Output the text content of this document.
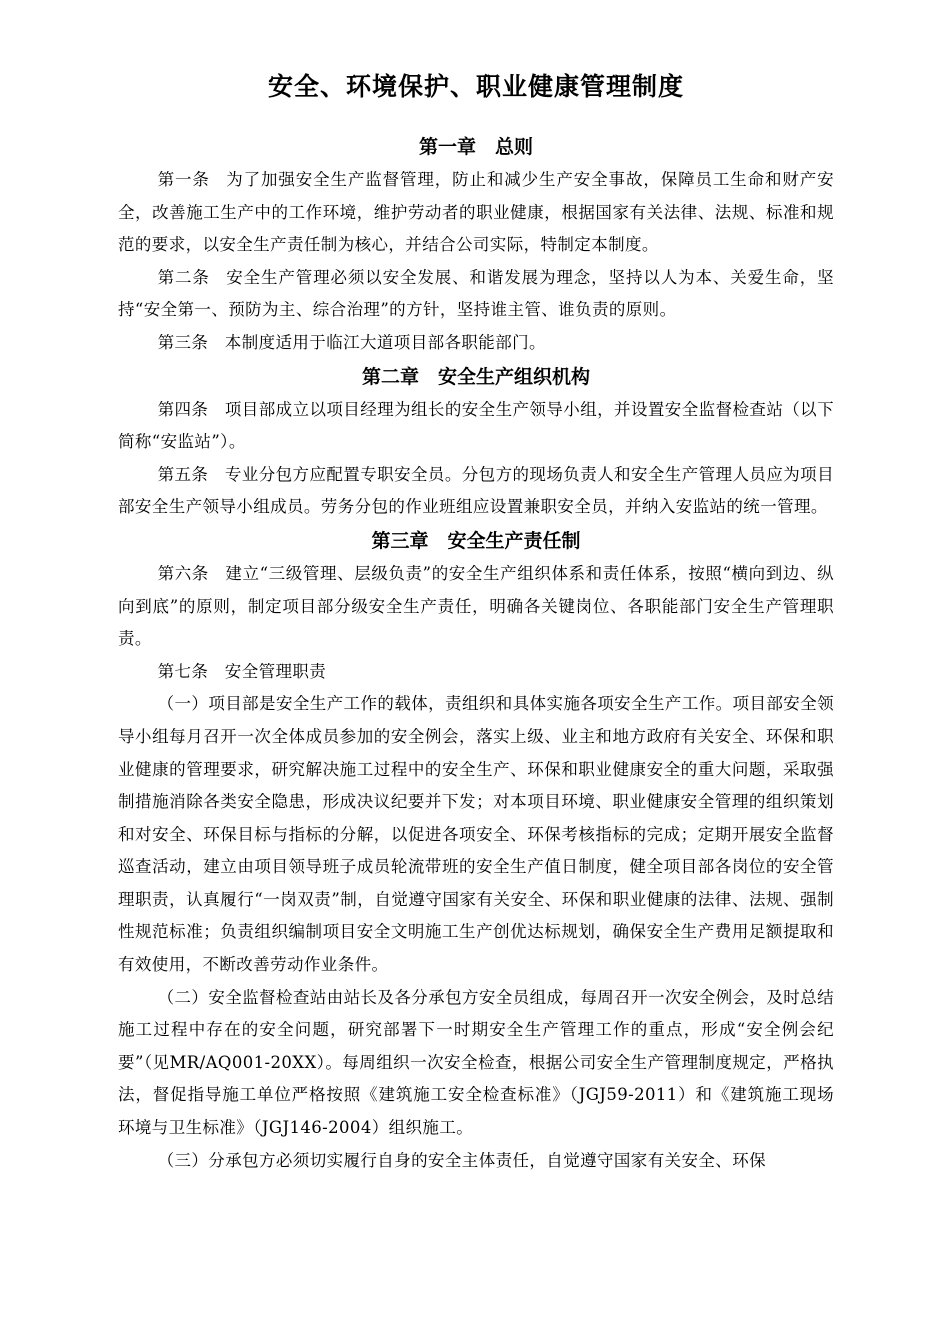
安全、环境保护、职业健康管理制度
第一章　总则

第一条 为了加强安全生产监督管理，防止和减少生产安全事故，保障员工生命和财产安全，改善施工生产中的工作环境，维护劳动者的职业健康，根据国家有关法律、法规、标准和规范的要求，以安全生产责任制为核心，并结合公司实际，特制定本制度。

第二条 安全生产管理必须以安全发展、和谐发展为理念，坚持以人为本、关爱生命，坚持“安全第一、预防为主、综合治理”的方针，坚持谁主管、谁负责的原则。

第三条 本制度适用于临江大道项目部各职能部门。

第二章　安全生产组织机构

第四条 项目部成立以项目经理为组长的安全生产领导小组，并设置安全监督检查站（以下简称“安监站”）。

第五条 专业分包方应配置专职安全员。分包方的现场负责人和安全生产管理人员应为项目部安全生产领导小组成员。劳务分包的作业班组应设置兼职安全员，并纳入安监站的统一管理。

第三章　安全生产责任制

第六条 建立“三级管理、层级负责”的安全生产组织体系和责任体系，按照“横向到边、纵向到底”的原则，制定项目部分级安全生产责任，明确各关键岗位、各职能部门安全生产管理职责。

第七条 安全管理职责

（一）项目部是安全生产工作的载体，责组织和具体实施各项安全生产工作。项目部安全领导小组每月召开一次全体成员参加的安全例会，落实上级、业主和地方政府有关安全、环保和职业健康的管理要求，研究解决施工过程中的安全生产、环保和职业健康安全的重大问题，采取强制措施消除各类安全隐患，形成决议纪要并下发；对本项目环境、职业健康安全管理的组织策划和对安全、环保目标与指标的分解，以促进各项安全、环保考核指标的完成；定期开展安全监督巡查活动，建立由项目领导班子成员轮流带班的安全生产值日制度，健全项目部各岗位的安全管理职责，认真履行“一岗双责”制，自觉遵守国家有关安全、环保和职业健康的法律、法规、强制性规范标准；负责组织编制项目安全文明施工生产创优达标规划，确保安全生产费用足额提取和有效使用，不断改善劳动作业条件。

（二）安全监督检查站由站长及各分承包方安全员组成，每周召开一次安全例会，及时总结施工过程中存在的安全问题，研究部署下一时期安全生产管理工作的重点，形成“安全例会纪要”（见MR/AQ001-20XX）。每周组织一次安全检查，根据公司安全生产管理制度规定，严格执法，督促指导施工单位严格按照《建筑施工安全检查标准》（JGJ59-2011）和《建筑施工现场环境与卫生标准》（JGJ146-2004）组织施工。

（三）分承包方必须切实履行自身的安全主体责任，自觉遵守国家有关安全、环保
